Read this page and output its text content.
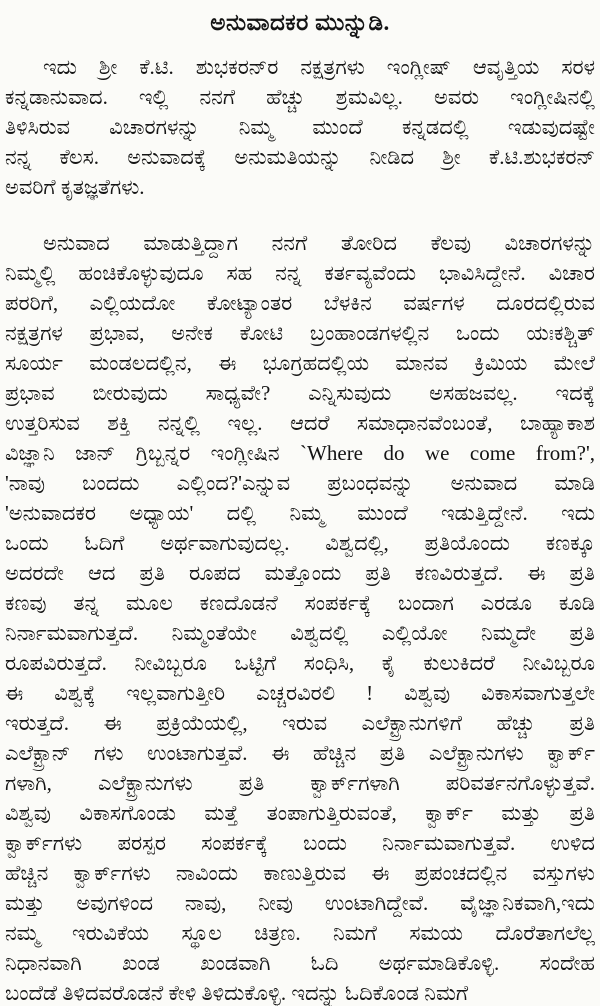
ಅನುವಾದಕರ ಮುನ್ನುಡಿ.
ಇದು ಶ್ರೀ ಕೆ.ಟಿ. ಶುಭಕರನ್‌ರ ನಕ್ಷತ್ರಗಳು ಇಂಗ್ಲೀಷ್ ಆವೃತ್ತಿಯ ಸರಳ
ಕನ್ನಡಾನುವಾದ. ಇಲ್ಲಿ ನನಗೆ ಹೆಚ್ಚು ಶ್ರಮವಿಲ್ಲ. ಅವರು ಇಂಗ್ಲೀಷಿನಲ್ಲಿ
ತಿಳಿಸಿರುವ ವಿಚಾರಗಳನ್ನು ನಿಮ್ಮ ಮುಂದೆ ಕನ್ನಡದಲ್ಲಿ ಇಡುವುದಷ್ಟೇ
ನನ್ನ ಕೆಲಸ. ಅನುವಾದಕ್ಕೆ ಅನುಮತಿಯನ್ನು ನೀಡಿದ ಶ್ರೀ ಕೆ.ಟಿ.ಶುಭಕರನ್
ಅವರಿಗೆ ಕೃತಜ್ಞತೆಗಳು.
ಅನುವಾದ ಮಾಡುತ್ತಿದ್ದಾಗ ನನಗೆ ತೋರಿದ ಕೆಲವು ವಿಚಾರಗಳನ್ನು
ನಿಮ್ಮಲ್ಲಿ ಹಂಚಿಕೊಳ್ಳುವುದೂ ಸಹ ನನ್ನ ಕರ್ತವ್ಯವೆಂದು ಭಾವಿಸಿದ್ದೇನೆ. ವಿಚಾರ
ಪರರಿಗೆ, ಎಲ್ಲಿಯದೋ ಕೋಟ್ಯಾಂತರ ಬೆಳಕಿನ ವರ್ಷಗಳ ದೂರದಲ್ಲಿರುವ
ನಕ್ಷತ್ರಗಳ ಪ್ರಭಾವ, ಅನೇಕ ಕೋಟಿ ಬ್ರಂಹಾಂಡಗಳಲ್ಲಿನ ಒಂದು ಯಃಕಶ್ಚಿತ್
ಸೂರ್ಯ ಮಂಡಲದಲ್ಲಿನ, ಈ ಭೂಗ್ರಹದಲ್ಲಿಯ ಮಾನವ ಕ್ರಿಮಿಯ ಮೇಲೆ
ಪ್ರಭಾವ ಬೀರುವುದು ಸಾಧ್ಯವೇ? ಎನ್ನಿಸುವುದು ಅಸಹಜವಲ್ಲ. ಇದಕ್ಕೆ
ಉತ್ತರಿಸುವ ಶಕ್ತಿ ನನ್ನಲ್ಲಿ ಇಲ್ಲ. ಆದರೆ ಸಮಾಧಾನವೆಂಬಂತೆ, ಬಾಹ್ಯಾಕಾಶ
ವಿಜ್ಞಾನಿ ಜಾನ್ ಗ್ರಿಬ್ಬನ್ನರ ಇಂಗ್ಲೀಷಿನ `Where do we come from?',
'ನಾವು ಬಂದದು ಎಲ್ಲಿಂದ?'ಎನ್ನುವ ಪ್ರಬಂಧವನ್ನು ಅನುವಾದ ಮಾಡಿ
'ಅನುವಾದಕರ ಅಧ್ಯಾಯ' ದಲ್ಲಿ ನಿಮ್ಮ ಮುಂದೆ ಇಡುತ್ತಿದ್ದೇನೆ. ಇದು
ಒಂದು ಓದಿಗೆ ಅರ್ಥವಾಗುವುದಲ್ಲ. ವಿಶ್ವದಲ್ಲಿ, ಪ್ರತಿಯೊಂದು ಕಣಕ್ಕೂ
ಅದರದೇ ಆದ ಪ್ರತಿ ರೂಪದ ಮತ್ತೊಂದು ಪ್ರತಿ ಕಣವಿರುತ್ತದೆ. ಈ ಪ್ರತಿ
ಕಣವು ತನ್ನ ಮೂಲ ಕಣದೊಡನೆ ಸಂಪರ್ಕಕ್ಕೆ ಬಂದಾಗ ಎರಡೂ ಕೂಡಿ
ನಿರ್ನಾಮವಾಗುತ್ತದೆ. ನಿಮ್ಮಂತೆಯೇ ವಿಶ್ವದಲ್ಲಿ ಎಲ್ಲಿಯೋ ನಿಮ್ಮದೇ ಪ್ರತಿ
ರೂಪವಿರುತ್ತದೆ. ನೀವಿಬ್ಬರೂ ಒಟ್ಟಿಗೆ ಸಂಧಿಸಿ, ಕೈ ಕುಲುಕಿದರೆ ನೀವಿಬ್ಬರೂ
ಈ ವಿಶ್ವಕ್ಕೆ ಇಲ್ಲವಾಗುತ್ತೀರಿ ಎಚ್ಚರವಿರಲಿ ! ವಿಶ್ವವು ವಿಕಾಸವಾಗುತ್ತಲೇ
ಇರುತ್ತದೆ. ಈ ಪ್ರಕ್ರಿಯೆಯಲ್ಲಿ, ಇರುವ ಎಲೆಕ್ಟ್ರಾನುಗಳಿಗೆ ಹೆಚ್ಚು ಪ್ರತಿ
ಎಲೆಕ್ಟ್ರಾನ್ ಗಳು ಉಂಟಾಗುತ್ತವೆ. ಈ ಹೆಚ್ಚಿನ ಪ್ರತಿ ಎಲೆಕ್ಟ್ರಾನುಗಳು ಕ್ವಾರ್ಕ್
ಗಳಾಗಿ, ಎಲೆಕ್ಟ್ರಾನುಗಳು ಪ್ರತಿ ಕ್ವಾರ್ಕ್‌ಗಳಾಗಿ ಪರಿವರ್ತನಗೊಳ್ಳುತ್ತವೆ.
ವಿಶ್ವವು ವಿಕಾಸಗೊಂಡು ಮತ್ತೆ ತಂಪಾಗುತ್ತಿರುವಂತೆ, ಕ್ವಾರ್ಕ್ ಮತ್ತು ಪ್ರತಿ
ಕ್ವಾರ್ಕ್‌ಗಳು ಪರಸ್ಪರ ಸಂಪರ್ಕಕ್ಕೆ ಬಂದು ನಿರ್ನಾಮವಾಗುತ್ತವೆ. ಉಳಿದ
ಹೆಚ್ಚಿನ ಕ್ವಾರ್ಕ್‌ಗಳು ನಾವಿಂದು ಕಾಣುತ್ತಿರುವ ಈ ಪ್ರಪಂಚದಲ್ಲಿನ ವಸ್ತುಗಳು
ಮತ್ತು ಅವುಗಳಿಂದ ನಾವು, ನೀವು ಉಂಟಾಗಿದ್ದೇವೆ. ವೈಜ್ಞಾನಿಕವಾಗಿ,ಇದು
ನಮ್ಮ ಇರುವಿಕೆಯ ಸ್ಥೂಲ ಚಿತ್ರಣ. ನಿಮಗೆ ಸಮಯ ದೊರೆತಾಗಲೆಲ್ಲ
ನಿಧಾನವಾಗಿ ಖಂಡ ಖಂಡವಾಗಿ ಓದಿ ಅರ್ಥಮಾಡಿಕೊಳ್ಳಿ. ಸಂದೇಹ
ಬಂದೆಡೆ ತಿಳಿದವರೊಡನೆ ಕೇಳಿ ತಿಳಿದುಕೊಳ್ಳಿ. ಇದನ್ನು ಓದಿಕೊಂಡ ನಿಮಗೆ
